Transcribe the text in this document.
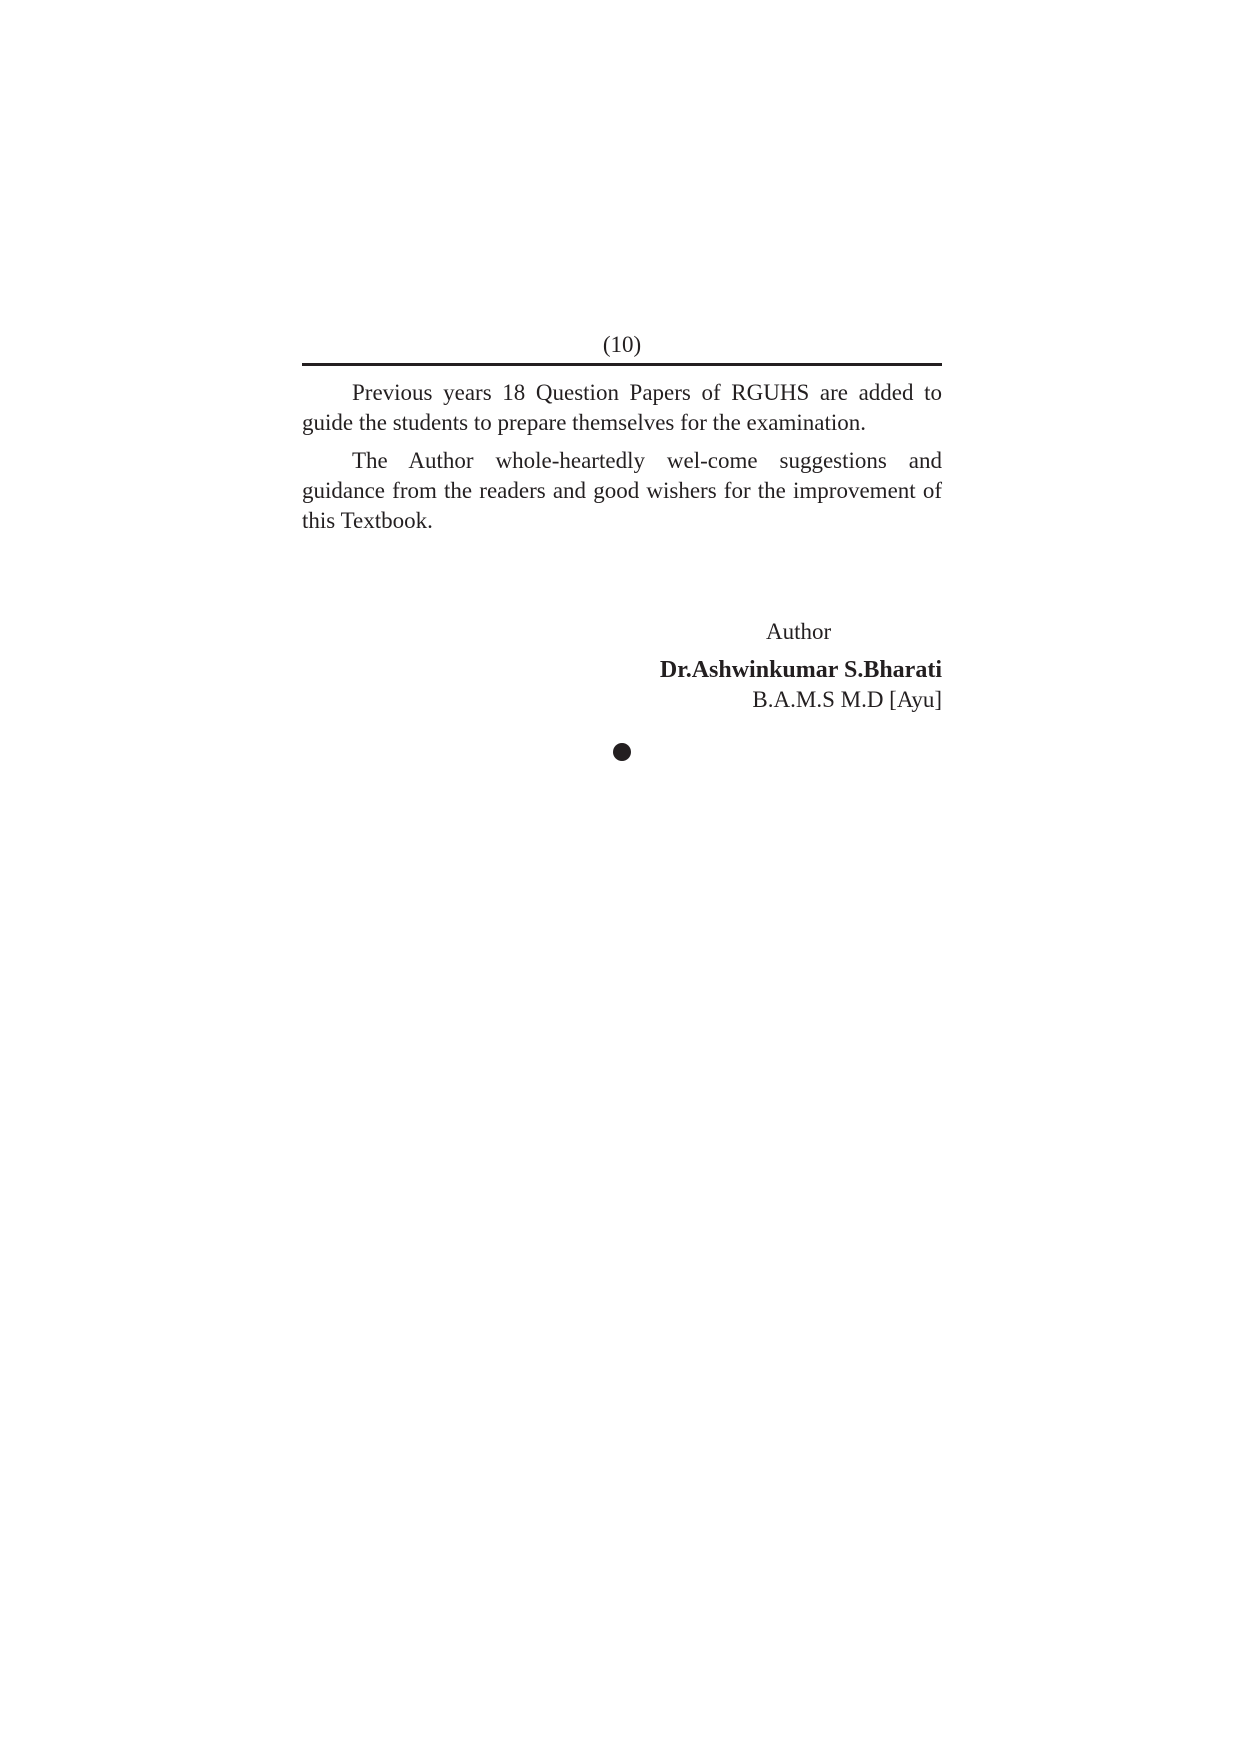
(10)

Previous years 18 Question Papers of RGUHS are added to guide the students to prepare themselves for the examination.

The Author whole-heartedly wel-come suggestions and guidance from the readers and good wishers for the improvement of this Textbook.

Author
Dr.Ashwinkumar S.Bharati
B.A.M.S M.D [Ayu]
